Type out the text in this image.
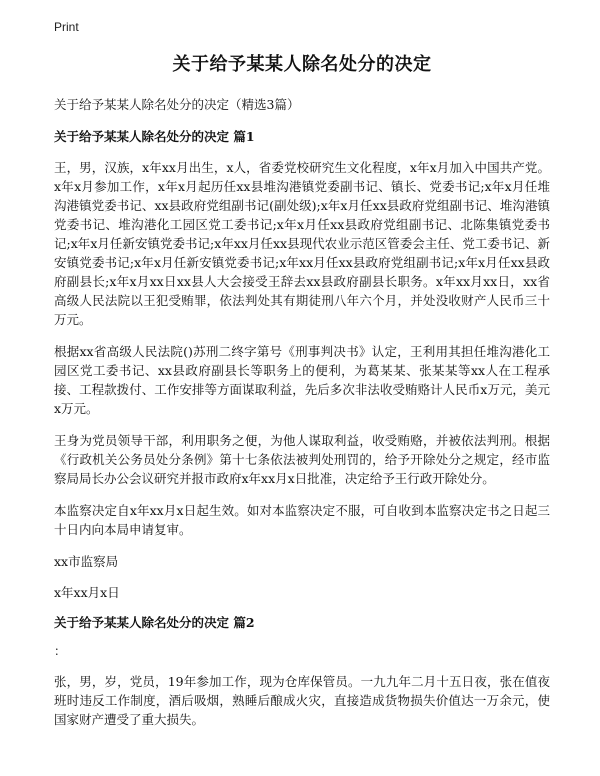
Print
关于给予某某人除名处分的决定
关于给予某某人除名处分的决定（精选3篇）
关于给予某某人除名处分的决定 篇1

王，男，汉族，x年xx月出生，x人，省委党校研究生文化程度，x年x月加入中国共产党。x年x月参加工作，x年x月起历任xx县堆沟港镇党委副书记、镇长、党委书记;x年x月任堆沟港镇党委书记、xx县政府党组副书记(副处级);x年x月任xx县政府党组副书记、堆沟港镇党委书记、堆沟港化工园区党工委书记;x年x月任xx县政府党组副书记、北陈集镇党委书记;x年x月任新安镇党委书记;x年xx月任xx县现代农业示范区管委会主任、党工委书记、新安镇党委书记;x年x月任新安镇党委书记;x年xx月任xx县政府党组副书记;x年x月任xx县政府副县长;x年x月xx日xx县人大会接受王辞去xx县政府副县长职务。x年xx月xx日，xx省高级人民法院以王犯受贿罪，依法判处其有期徒刑八年六个月，并处没收财产人民币三十万元。

根据xx省高级人民法院()苏刑二终字第号《刑事判决书》认定，王利用其担任堆沟港化工园区党工委书记、xx县政府副县长等职务上的便利，为葛某某、张某某等xx人在工程承接、工程款拨付、工作安排等方面谋取利益，先后多次非法收受贿赂计人民币x万元，美元x万元。

王身为党员领导干部，利用职务之便，为他人谋取利益，收受贿赂，并被依法判刑。根据《行政机关公务员处分条例》第十七条依法被判处刑罚的，给予开除处分之规定，经市监察局局长办公会议研究并报市政府x年xx月x日批准，决定给予王行政开除处分。

本监察决定自x年xx月x日起生效。如对本监察决定不服，可自收到本监察决定书之日起三十日内向本局申请复审。

xx市监察局

x年xx月x日

关于给予某某人除名处分的决定 篇2
：

张，男，岁，党员，19年参加工作，现为仓库保管员。一九九年二月十五日夜，张在值夜班时违反工作制度，酒后吸烟，熟睡后酿成火灾，直接造成货物损失价值达一万余元，使国家财产遭受了重大损失。
